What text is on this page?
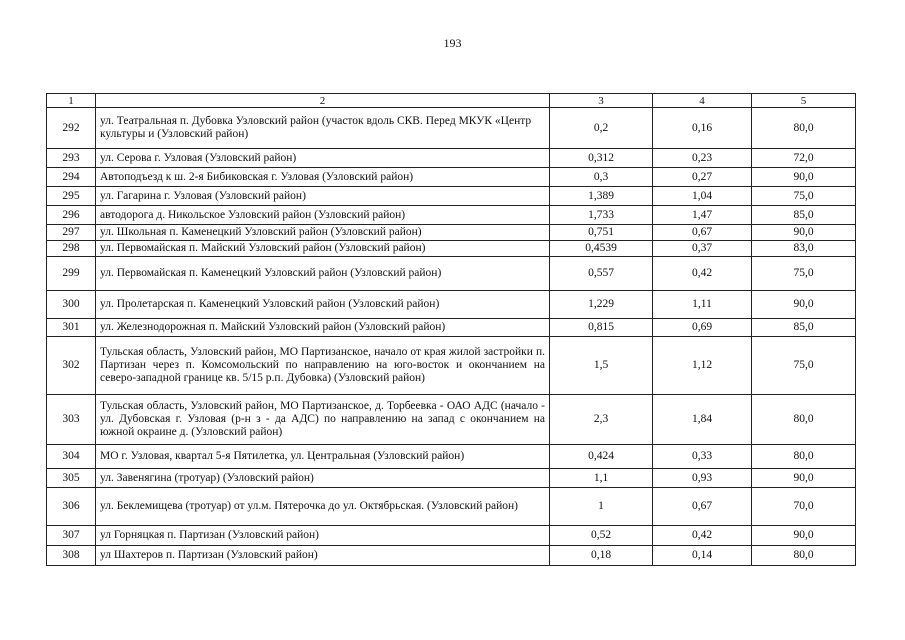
193
1	2	3	4	5
292	ул. Театральная п. Дубовка Узловский район (участок вдоль СКВ. Перед МКУК «Центр культуры и (Узловский район)	0,2	0,16	80,0
293	ул. Серова г. Узловая (Узловский район)	0,312	0,23	72,0
294	Автоподъезд к ш. 2-я Бибиковская г. Узловая (Узловский район)	0,3	0,27	90,0
295	ул. Гагарина г. Узловая (Узловский район)	1,389	1,04	75,0
296	автодорога д. Никольское Узловский район (Узловский район)	1,733	1,47	85,0
297	ул. Школьная п. Каменецкий Узловский район (Узловский район)	0,751	0,67	90,0
298	ул. Первомайская п. Майский Узловский район (Узловский район)	0,4539	0,37	83,0
299	ул. Первомайская п. Каменецкий Узловский район (Узловский район)	0,557	0,42	75,0
300	ул. Пролетарская п. Каменецкий Узловский район (Узловский район)	1,229	1,11	90,0
301	ул. Железнодорожная п. Майский Узловский район (Узловский район)	0,815	0,69	85,0
302	Тульская область, Узловский район, МО Партизанское, начало от края жилой застройки п. Партизан через п. Комсомольский по направлению на юго-восток и окончанием на северо-западной границе кв. 5/15 р.п. Дубовка) (Узловский район)	1,5	1,12	75,0
303	Тульская область, Узловский район, МО Партизанское, д. Торбеевка - ОАО АДС (начало - ул. Дубовская г. Узловая (р-н з - да АДС) по направлению на запад с окончанием на южной окраине д. (Узловский район)	2,3	1,84	80,0
304	МО г. Узловая, квартал 5-я Пятилетка, ул. Центральная (Узловский район)	0,424	0,33	80,0
305	ул. Завенягина (тротуар) (Узловский район)	1,1	0,93	90,0
306	ул. Беклемищева (тротуар) от ул.м. Пятерочка до ул. Октябрьская. (Узловский район)	1	0,67	70,0
307	ул Горняцкая п. Партизан (Узловский район)	0,52	0,42	90,0
308	ул Шахтеров п. Партизан (Узловский район)	0,18	0,14	80,0
